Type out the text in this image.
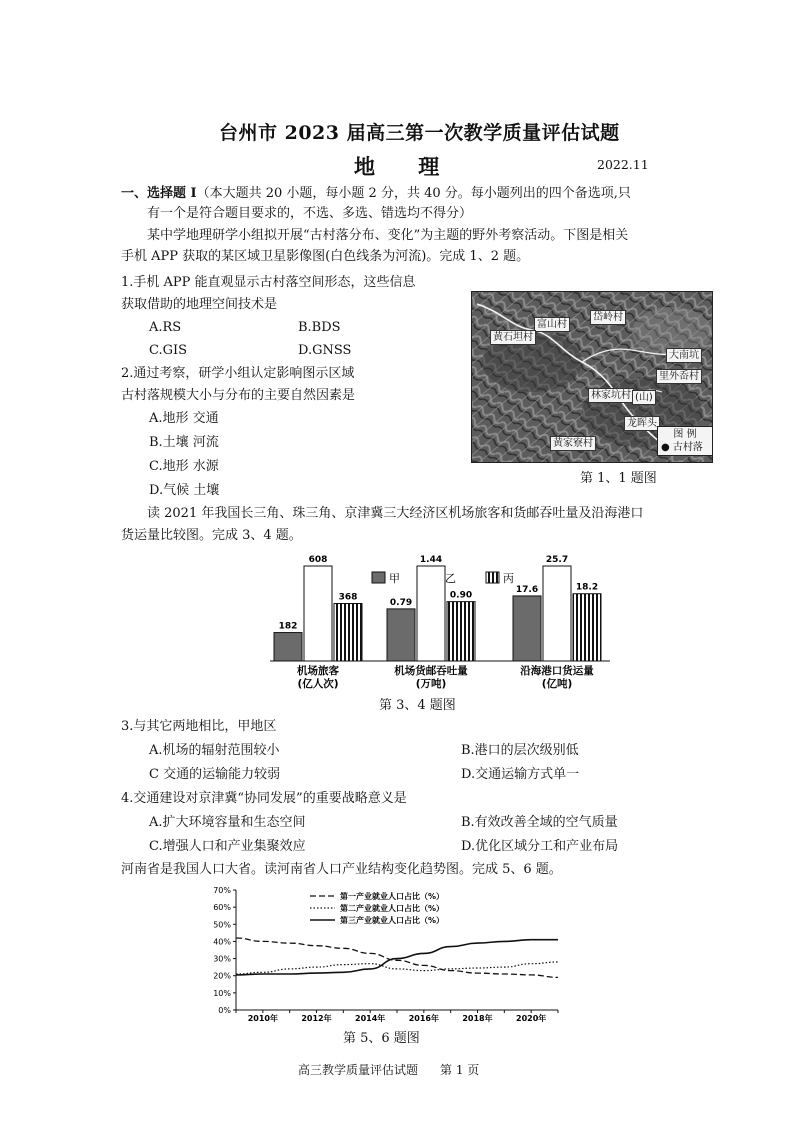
台州市 2023 届高三第一次教学质量评估试题
地 理	2022.11
一、选择题 Ⅰ（本大题共 20 小题，每小题 2 分，共 40 分。每小题列出的四个备选项,只
有一个是符合题目要求的，不选、多选、错选均不得分）
某中学地理研学小组拟开展“古村落分布、变化”为主题的野外考察活动。下图是相关
手机 APP 获取的某区域卫星影像图(白色线条为河流)。完成 1、2 题。
1.手机 APP 能直观显示古村落空间形态，这些信息
获取借助的地理空间技术是
A.RS	B.BDS
C.GIS	D.GNSS
2.通过考察，研学小组认定影响图示区域
古村落规模大小与分布的主要自然因素是
A.地形 交通
B.土壤 河流
C.地形 水源
D.气候 土壤
富山村
岱岭村
黄石坦村
大南坑
里外岙村
林家坑村 (山)
龙晖头
黄家寮村
图 例
● 古村落
第 1、1 题图
读 2021 年我国长三角、珠三角、京津冀三大经济区机场旅客和货邮吞吐量及沿海港口
货运量比较图。完成 3、4 题。
甲	乙	丙
182
608
368
机场旅客
(亿人次)
0.79
1.44
0.90
机场货邮吞吐量
(万吨)
17.6
25.7
18.2
沿海港口货运量
(亿吨)
第 3、4 题图
3.与其它两地相比，甲地区
A.机场的辐射范围较小	B.港口的层次级别低
C 交通的运输能力较弱	D.交通运输方式单一
4.交通建设对京津冀“协同发展”的重要战略意义是
A.扩大环境容量和生态空间	B.有效改善全域的空气质量
C.增强人口和产业集聚效应	D.优化区域分工和产业布局
河南省是我国人口大省。读河南省人口产业结构变化趋势图。完成 5、6 题。
0%
10%
20%
30%
40%
50%
60%
70%
2010年	2012年	2014年	2016年	2018年	2020年
第一产业就业人口占比（%）
第二产业就业人口占比（%）
第三产业就业人口占比（%）
第 5、6 题图
高三教学质量评估试题 第 1 页
